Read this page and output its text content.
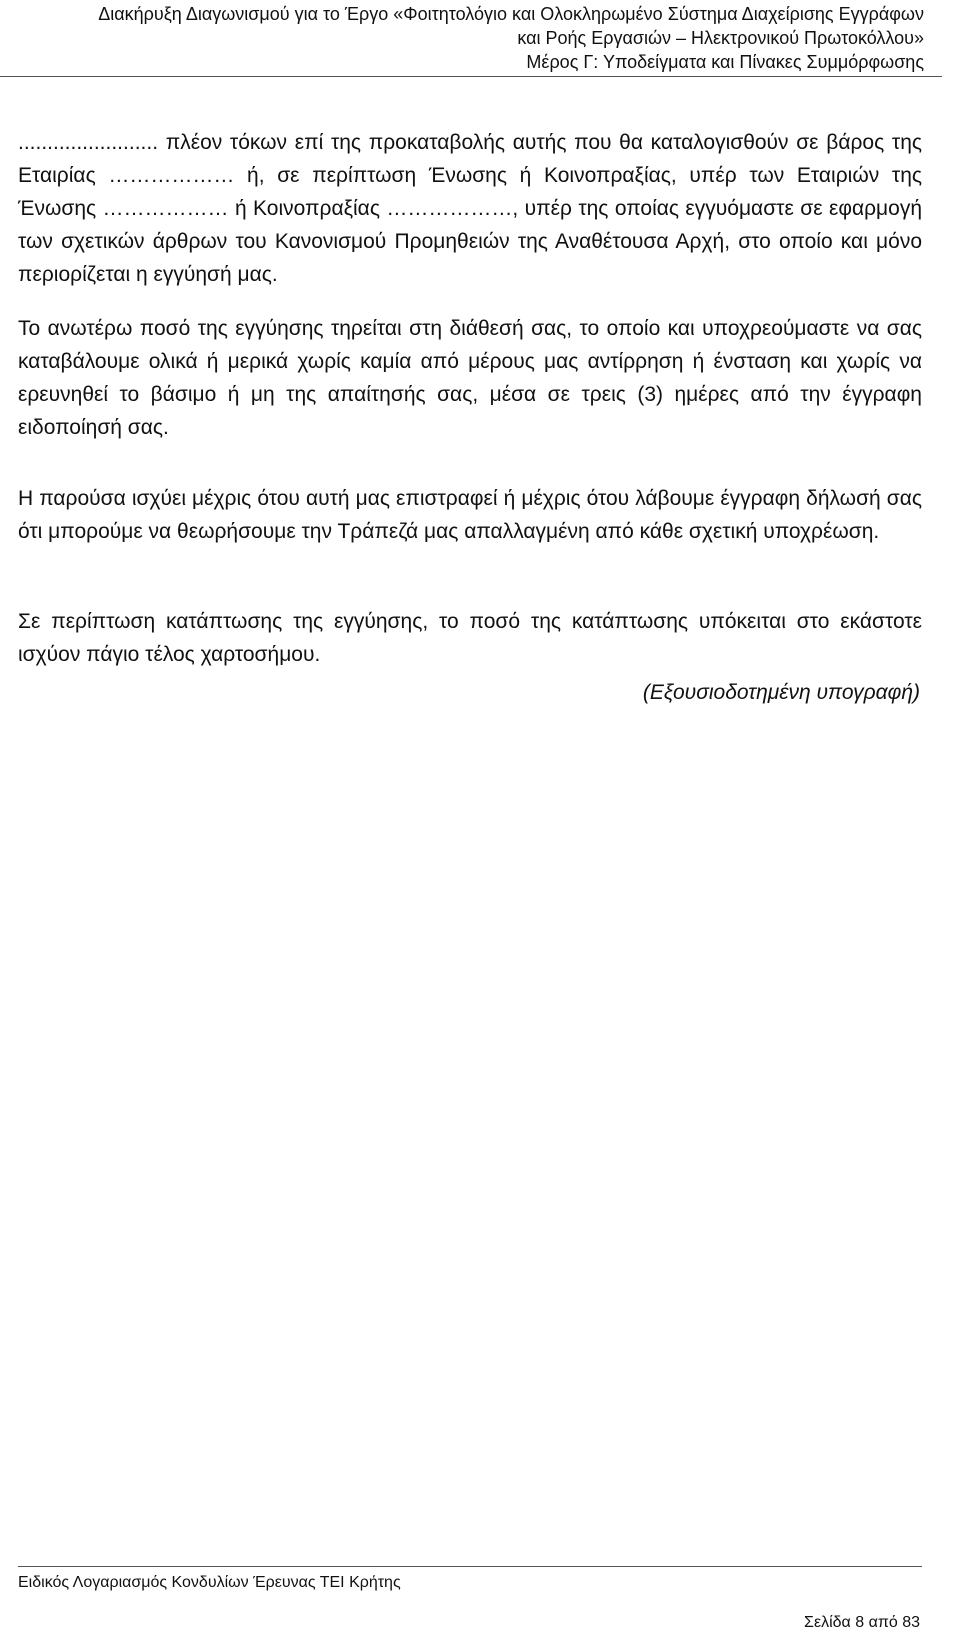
Διακήρυξη Διαγωνισμού για το Έργο «Φοιτητολόγιο και Ολοκληρωμένο Σύστημα Διαχείρισης Εγγράφων
και Ροής Εργασιών – Ηλεκτρονικού Πρωτοκόλλου»
Μέρος Γ: Υποδείγματα και Πίνακες Συμμόρφωσης

........................ πλέον τόκων επί της προκαταβολής αυτής που θα καταλογισθούν σε βάρος της Εταιρίας ……………… ή, σε περίπτωση Ένωσης ή Κοινοπραξίας, υπέρ των Εταιριών της Ένωσης ……………… ή Κοινοπραξίας ………………, υπέρ της οποίας εγγυόμαστε σε εφαρμογή των σχετικών άρθρων του Κανονισμού Προμηθειών της Αναθέτουσα Αρχή, στο οποίο και μόνο περιορίζεται η εγγύησή μας.

Το ανωτέρω ποσό της εγγύησης τηρείται στη διάθεσή σας, το οποίο και υποχρεούμαστε να σας καταβάλουμε ολικά ή μερικά χωρίς καμία από μέρους μας αντίρρηση ή ένσταση και χωρίς να ερευνηθεί το βάσιμο ή μη της απαίτησής σας, μέσα σε τρεις (3) ημέρες από την έγγραφη ειδοποίησή σας.

Η παρούσα ισχύει μέχρις ότου αυτή μας επιστραφεί ή μέχρις ότου λάβουμε έγγραφη δήλωσή σας ότι μπορούμε να θεωρήσουμε την Τράπεζά μας απαλλαγμένη από κάθε σχετική υποχρέωση.

Σε περίπτωση κατάπτωσης της εγγύησης, το ποσό της κατάπτωσης υπόκειται στο εκάστοτε ισχύον πάγιο τέλος χαρτοσήμου.

(Εξουσιοδοτημένη υπογραφή)
Ειδικός Λογαριασμός Κονδυλίων Έρευνας ΤΕΙ Κρήτης
Σελίδα 8 από 83
